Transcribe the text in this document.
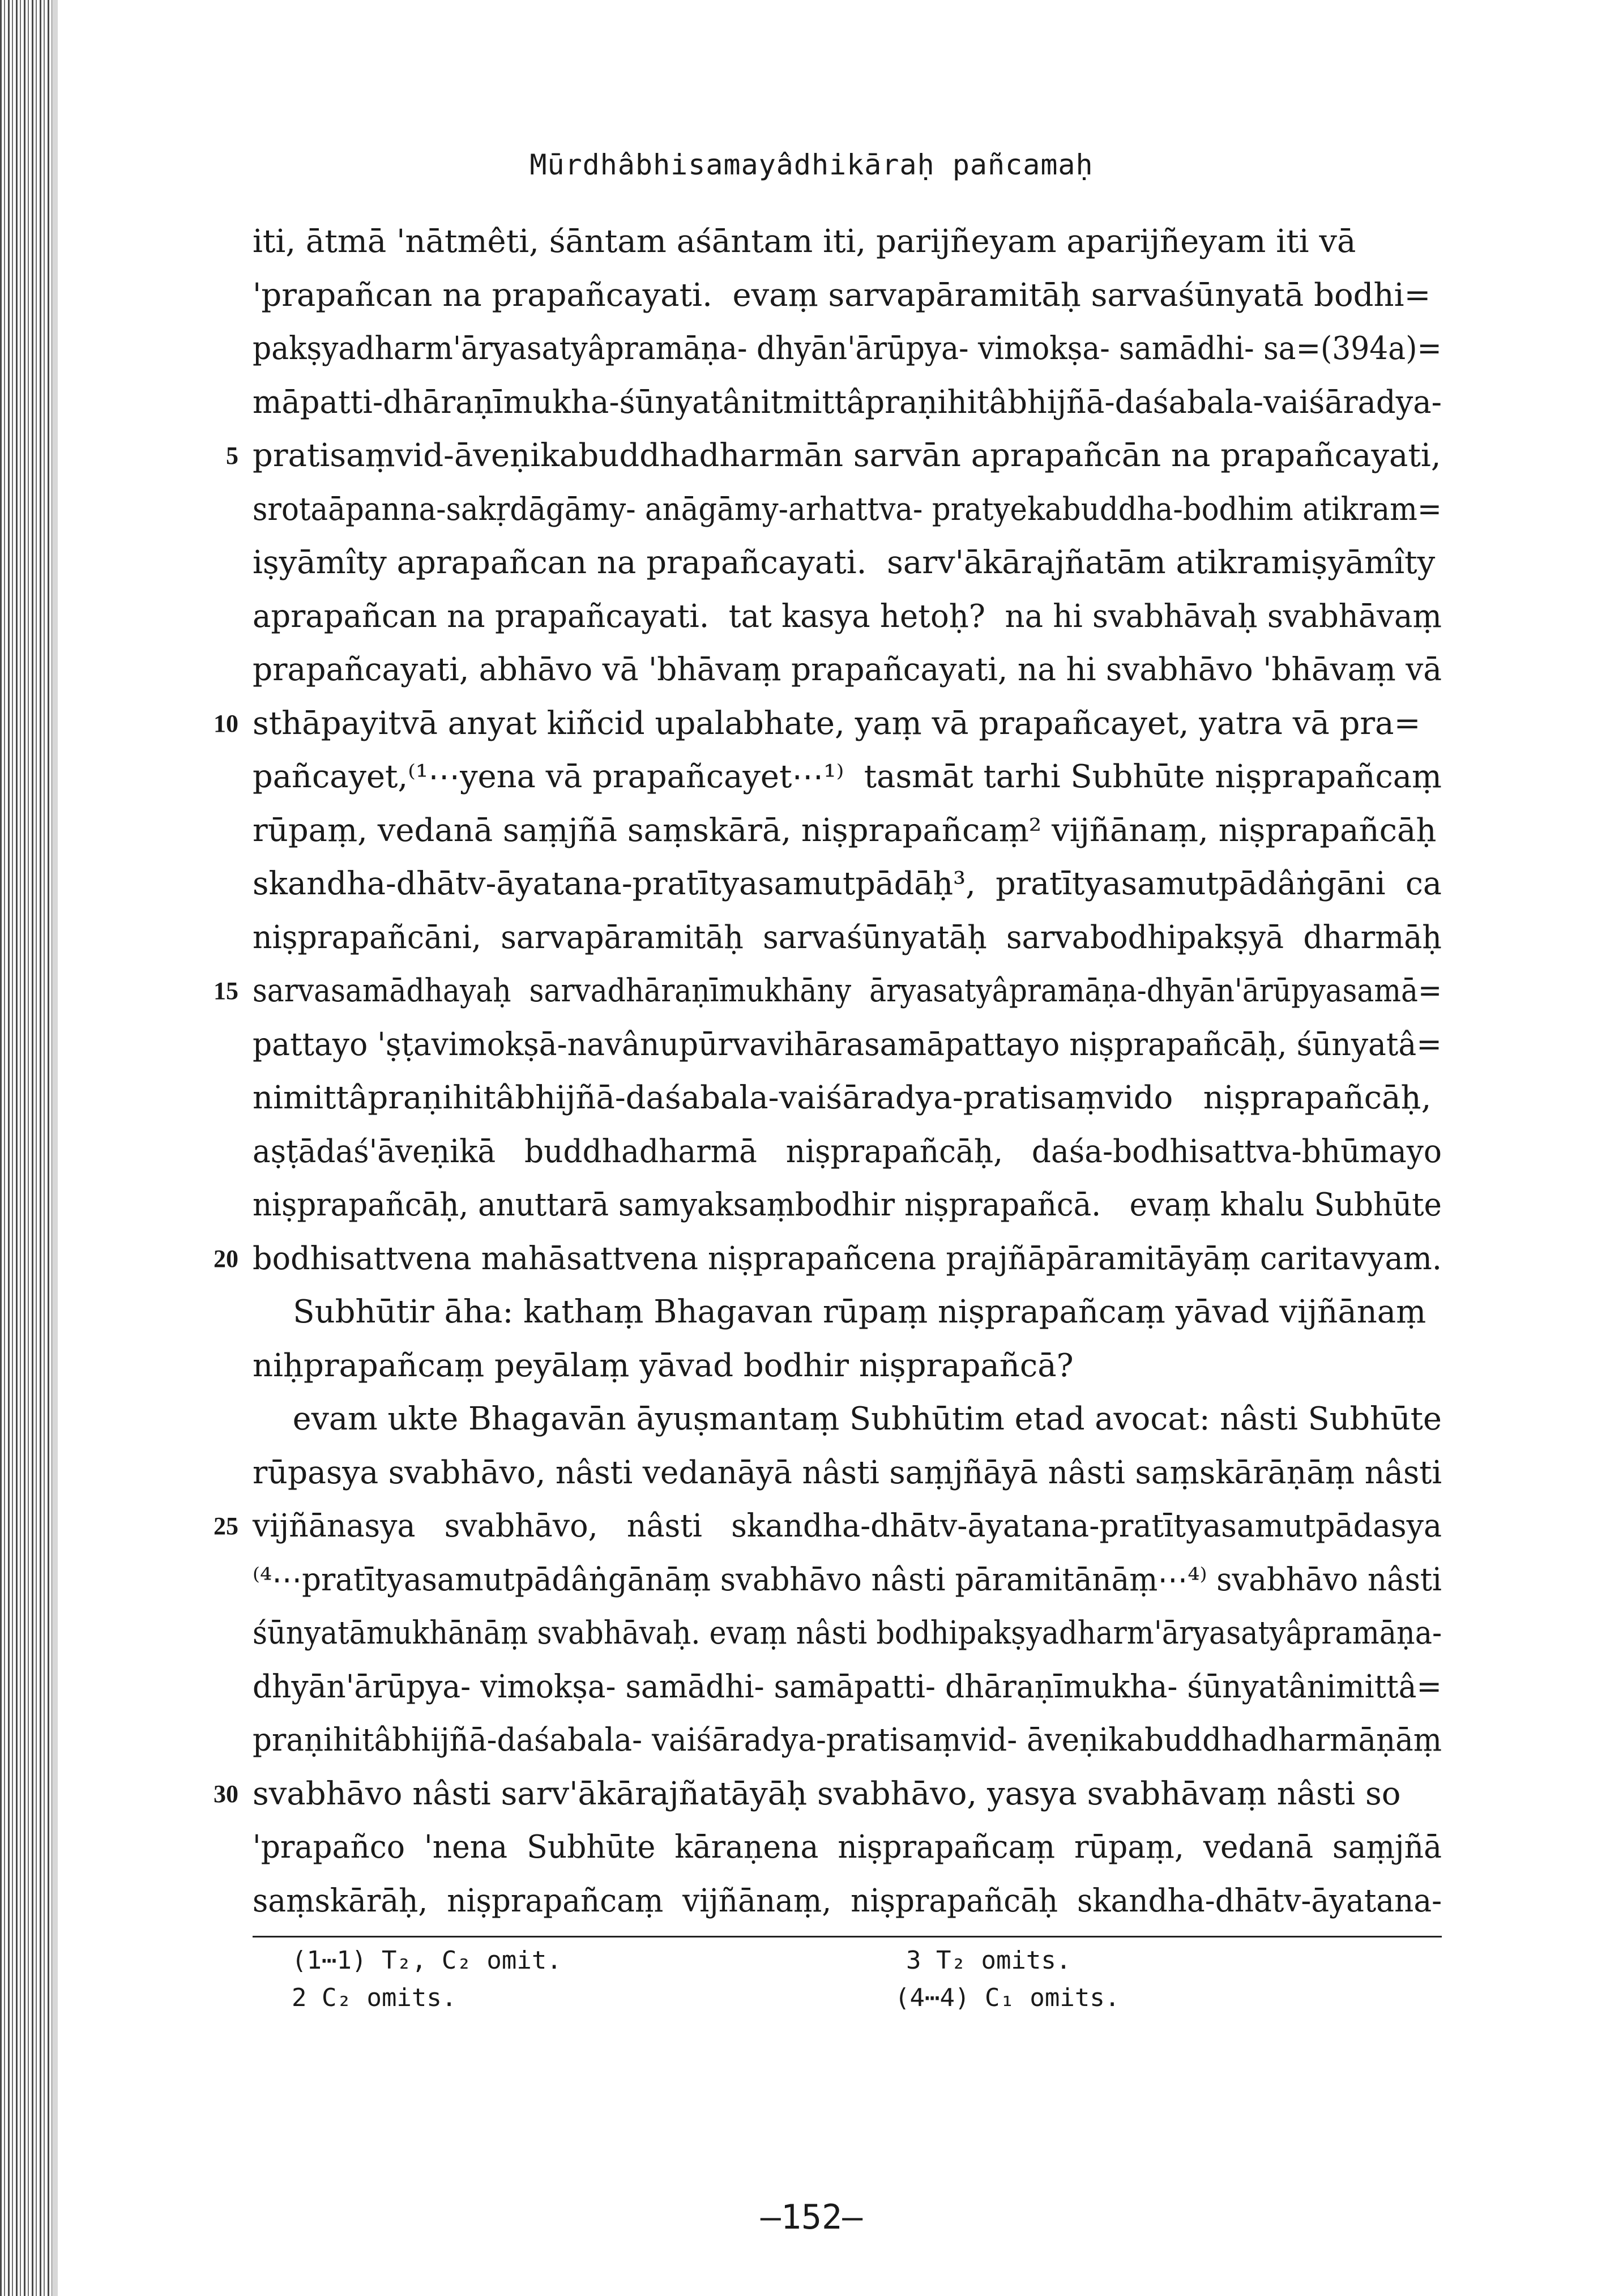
Mūrdhâbhisamayâdhikāraḥ pañcamaḥ
iti, ātmā 'nātmêti, śāntam aśāntam iti, parijñeyam aparijñeyam iti vā
'prapañcan na prapañcayati.  evaṃ sarvapāramitāḥ sarvaśūnyatā bodhi=
pakṣyadharm'āryasatyâpramāṇa- dhyān'ārūpya- vimokṣa- samādhi- sa=(394a)=
māpatti-dhāraṇīmukha-śūnyatânitmittâpraṇihitâbhijñā-daśabala-vaiśāradya-
5 pratisaṃvid-āveṇikabuddhadharmān sarvān aprapañcān na prapañcayati,
srotaāpanna-sakṛdāgāmy- anāgāmy-arhattva- pratyekabuddha-bodhim atikram=
iṣyāmîty aprapañcan na prapañcayati.  sarv'ākārajñatām atikramiṣyāmîty
aprapañcan na prapañcayati.  tat kasya hetoḥ?  na hi svabhāvaḥ svabhāvaṃ
prapañcayati, abhāvo vā 'bhāvaṃ prapañcayati, na hi svabhāvo 'bhāvaṃ vā
10 sthāpayitvā anyat kiñcid upalabhate, yaṃ vā prapañcayet, yatra vā pra=
pañcayet,⁽¹⋯yena vā prapañcayet⋯¹⁾  tasmāt tarhi Subhūte niṣprapañcaṃ
rūpaṃ, vedanā saṃjñā saṃskārā, niṣprapañcaṃ² vijñānaṃ, niṣprapañcāḥ
skandha-dhātv-āyatana-pratītyasamutpādāḥ³,  pratītyasamutpādâṅgāni  ca
niṣprapañcāni,  sarvapāramitāḥ  sarvaśūnyatāḥ  sarvabodhipakṣyā  dharmāḥ
15 sarvasamādhayaḥ  sarvadhāraṇīmukhāny  āryasatyâpramāṇa-dhyān'ārūpyasamā=
pattayo 'ṣṭavimokṣā-navânupūrvavihārasamāpattayo niṣprapañcāḥ, śūnyatâ=
nimittâpraṇihitâbhijñā-daśabala-vaiśāradya-pratisaṃvido   niṣprapañcāḥ,
aṣṭādaś'āveṇikā   buddhadharmā   niṣprapañcāḥ,   daśa-bodhisattva-bhūmayo
niṣprapañcāḥ, anuttarā samyaksaṃbodhir niṣprapañcā.   evaṃ khalu Subhūte
20 bodhisattvena mahāsattvena niṣprapañcena prajñāpāramitāyāṃ caritavyam.
Subhūtir āha: kathaṃ Bhagavan rūpaṃ niṣprapañcaṃ yāvad vijñānaṃ
niḥprapañcaṃ peyālaṃ yāvad bodhir niṣprapañcā?
evam ukte Bhagavān āyuṣmantaṃ Subhūtim etad avocat: nâsti Subhūte
rūpasya svabhāvo, nâsti vedanāyā nâsti saṃjñāyā nâsti saṃskārāṇāṃ nâsti
25 vijñānasya   svabhāvo,   nâsti   skandha-dhātv-āyatana-pratītyasamutpādasya
⁽⁴⋯pratītyasamutpādâṅgānāṃ svabhāvo nâsti pāramitānāṃ⋯⁴⁾ svabhāvo nâsti
śūnyatāmukhānāṃ svabhāvaḥ. evaṃ nâsti bodhipakṣyadharm'āryasatyâpramāṇa-
dhyān'ārūpya- vimokṣa- samādhi- samāpatti- dhāraṇīmukha- śūnyatânimittâ=
praṇihitâbhijñā-daśabala- vaiśāradya-pratisaṃvid- āveṇikabuddhadharmāṇāṃ
30 svabhāvo nâsti sarv'ākārajñatāyāḥ svabhāvo, yasya svabhāvaṃ nâsti so
'prapañco  'nena  Subhūte  kāraṇena  niṣprapañcaṃ  rūpaṃ,  vedanā  saṃjñā
saṃskārāḥ,  niṣprapañcaṃ  vijñānaṃ,  niṣprapañcāḥ  skandha-dhātv-āyatana-
(1⋯1) T₂, C₂ omit.
2 C₂ omits.
3 T₂ omits.
(4⋯4) C₁ omits.
—152—
